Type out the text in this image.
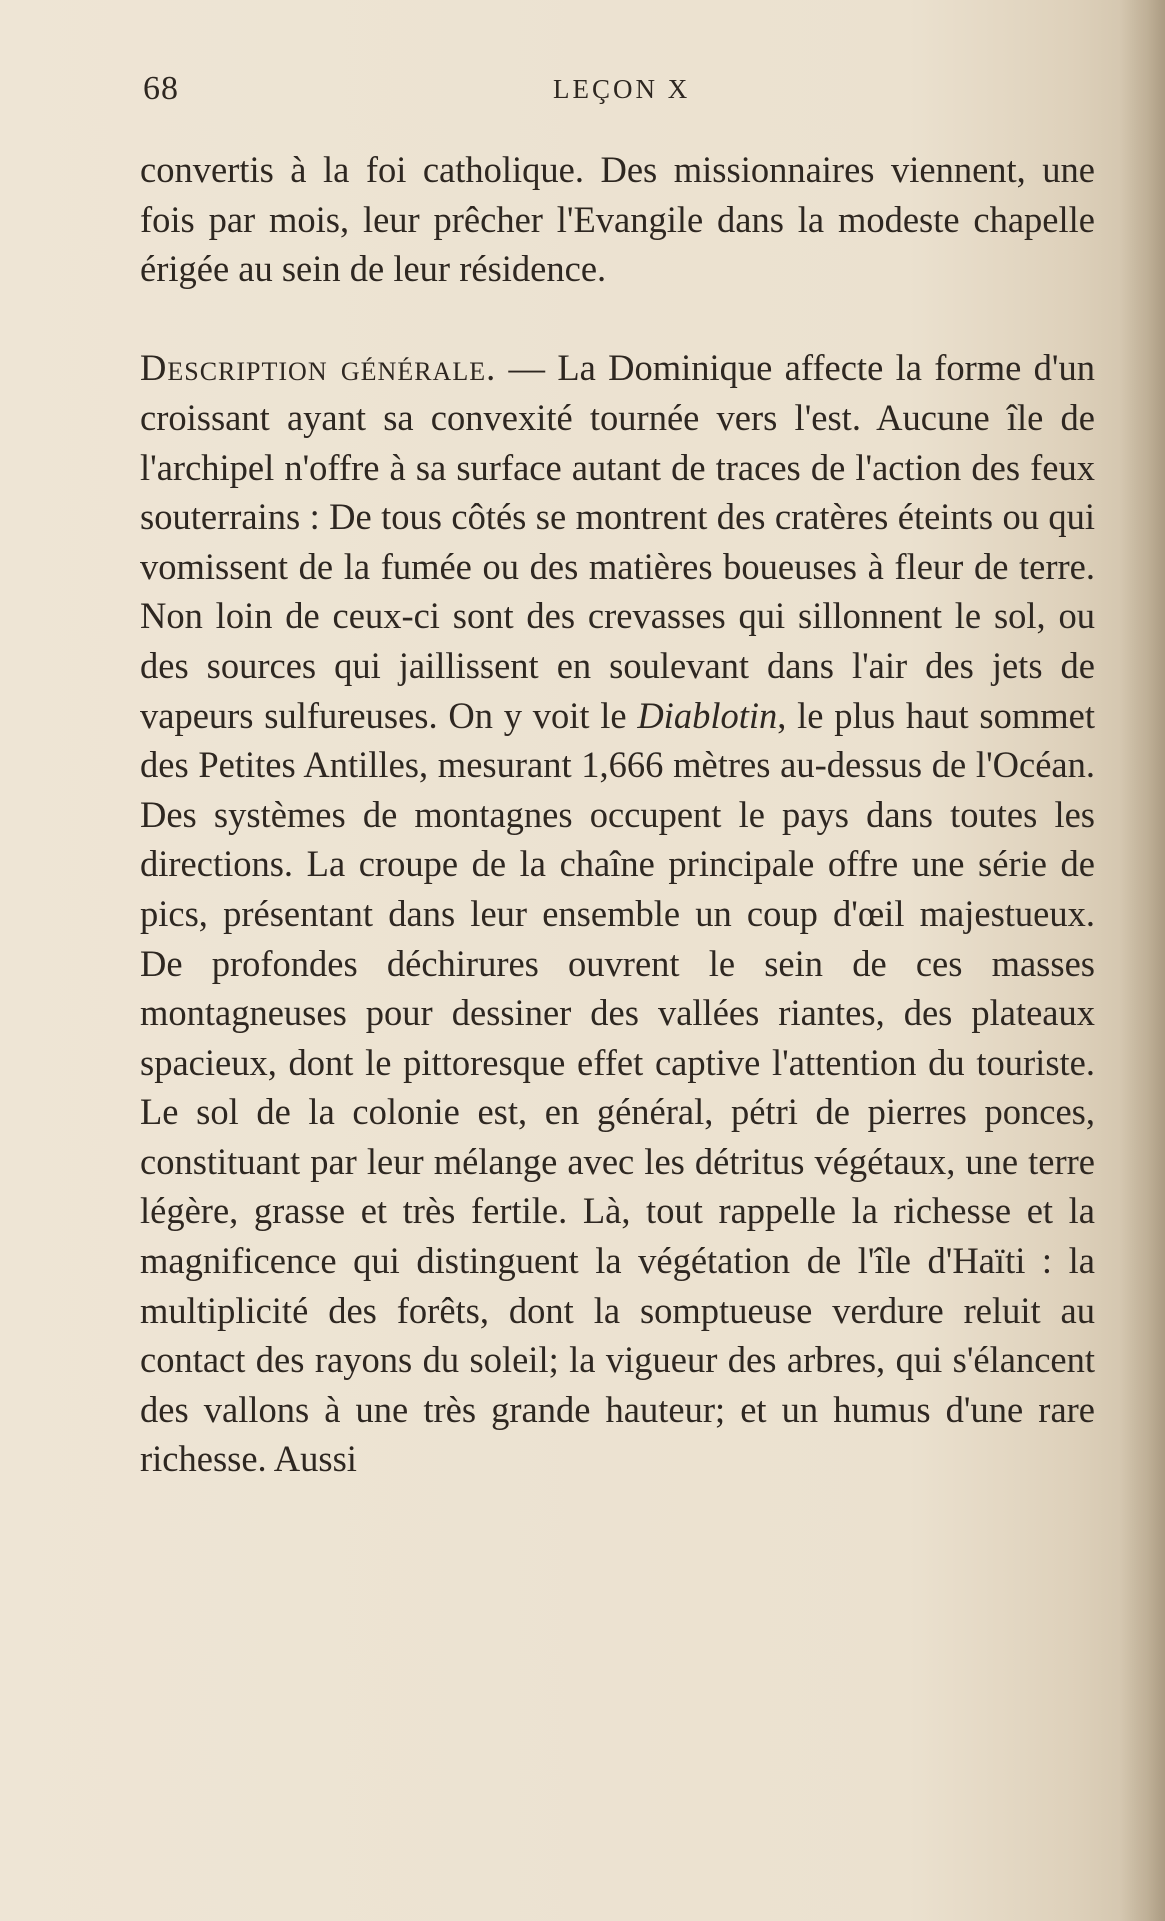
68	LEÇON X

convertis à la foi catholique. Des missionnaires viennent, une fois par mois, leur prêcher l'Evangile dans la modeste chapelle érigée au sein de leur résidence.

Description générale. — La Dominique affecte la forme d'un croissant ayant sa convexité tournée vers l'est. Aucune île de l'archipel n'offre à sa surface autant de traces de l'action des feux souterrains : De tous côtés se montrent des cratères éteints ou qui vomissent de la fumée ou des matières boueuses à fleur de terre. Non loin de ceux-ci sont des crevasses qui sillonnent le sol, ou des sources qui jaillissent en soulevant dans l'air des jets de vapeurs sulfureuses. On y voit le Diablotin, le plus haut sommet des Petites Antilles, mesurant 1,666 mètres au-dessus de l'Océan. Des systèmes de montagnes occupent le pays dans toutes les directions. La croupe de la chaîne principale offre une série de pics, présentant dans leur ensemble un coup d'œil majestueux. De profondes déchirures ouvrent le sein de ces masses montagneuses pour dessiner des vallées riantes, des plateaux spacieux, dont le pittoresque effet captive l'attention du touriste. Le sol de la colonie est, en général, pétri de pierres ponces, constituant par leur mélange avec les détritus végétaux, une terre légère, grasse et très fertile. Là, tout rappelle la richesse et la magnificence qui distinguent la végétation de l'île d'Haïti : la multiplicité des forêts, dont la somptueuse verdure reluit au contact des rayons du soleil; la vigueur des arbres, qui s'élancent des vallons à une très grande hauteur; et un humus d'une rare richesse. Aussi
